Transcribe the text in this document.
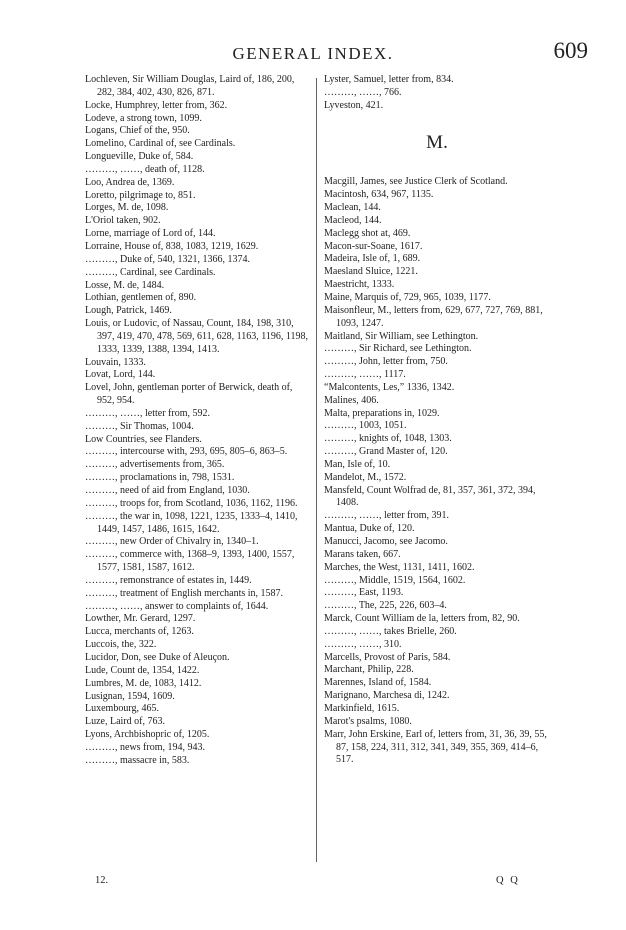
GENERAL INDEX.	609
Lochleven, Sir William Douglas, Laird of, 186, 200, 282, 384, 402, 430, 826, 871.
Locke, Humphrey, letter from, 362.
Lodeve, a strong town, 1099.
Logans, Chief of the, 950.
Lomelino, Cardinal of, see Cardinals.
Longueville, Duke of, 584.
………, ……, death of, 1128.
Loo, Andrea de, 1369.
Loretto, pilgrimage to, 851.
Lorges, M. de, 1098.
L'Oriol taken, 902.
Lorne, marriage of Lord of, 144.
Lorraine, House of, 838, 1083, 1219, 1629.
………, Duke of, 540, 1321, 1366, 1374.
………, Cardinal, see Cardinals.
Losse, M. de, 1484.
Lothian, gentlemen of, 890.
Lough, Patrick, 1469.
Louis, or Ludovic, of Nassau, Count, 184, 198, 310, 397, 419, 470, 478, 569, 611, 628, 1163, 1196, 1198, 1333, 1339, 1388, 1394, 1413.
Louvain, 1333.
Lovat, Lord, 144.
Lovel, John, gentleman porter of Berwick, death of, 952, 954.
………, ……, letter from, 592.
………, Sir Thomas, 1004.
Low Countries, see Flanders.
………, intercourse with, 293, 695, 805–6, 863–5.
………, advertisements from, 365.
………, proclamations in, 798, 1531.
………, need of aid from England, 1030.
………, troops for, from Scotland, 1036, 1162, 1196.
………, the war in, 1098, 1221, 1235, 1333–4, 1410, 1449, 1457, 1486, 1615, 1642.
………, new Order of Chivalry in, 1340–1.
………, commerce with, 1368–9, 1393, 1400, 1557, 1577, 1581, 1587, 1612.
………, remonstrance of estates in, 1449.
………, treatment of English merchants in, 1587.
………, ……, answer to complaints of, 1644.
Lowther, Mr. Gerard, 1297.
Lucca, merchants of, 1263.
Luccois, the, 322.
Lucidor, Don, see Duke of Aleuçon.
Lude, Count de, 1354, 1422.
Lumbres, M. de, 1083, 1412.
Lusignan, 1594, 1609.
Luxembourg, 465.
Luze, Laird of, 763.
Lyons, Archbishopric of, 1205.
………, news from, 194, 943.
………, massacre in, 583.
Lyster, Samuel, letter from, 834.
………, ……, 766.
Lyveston, 421.
M.
Macgill, James, see Justice Clerk of Scotland.
Macintosh, 634, 967, 1135.
Maclean, 144.
Macleod, 144.
Maclegg shot at, 469.
Macon-sur-Soane, 1617.
Madeira, Isle of, 1, 689.
Maesland Sluice, 1221.
Maestricht, 1333.
Maine, Marquis of, 729, 965, 1039, 1177.
Maisonfleur, M., letters from, 629, 677, 727, 769, 881, 1093, 1247.
Maitland, Sir William, see Lethington.
………, Sir Richard, see Lethington.
………, John, letter from, 750.
………, ……, 1117.
“Malcontents, Les,” 1336, 1342.
Malines, 406.
Malta, preparations in, 1029.
………, 1003, 1051.
………, knights of, 1048, 1303.
………, Grand Master of, 120.
Man, Isle of, 10.
Mandelot, M., 1572.
Mansfeld, Count Wolfrad de, 81, 357, 361, 372, 394, 1408.
………, ……, letter from, 391.
Mantua, Duke of, 120.
Manucci, Jacomo, see Jacomo.
Marans taken, 667.
Marches, the West, 1131, 1411, 1602.
………, Middle, 1519, 1564, 1602.
………, East, 1193.
………, The, 225, 226, 603–4.
Marck, Count William de la, letters from, 82, 90.
………, ……, takes Brielle, 260.
………, ……, 310.
Marcells, Provost of Paris, 584.
Marchant, Philip, 228.
Marennes, Island of, 1584.
Marignano, Marchesa di, 1242.
Markinfield, 1615.
Marot's psalms, 1080.
Marr, John Erskine, Earl of, letters from, 31, 36, 39, 55, 87, 158, 224, 311, 312, 341, 349, 355, 369, 414–6, 517.
12.	Q Q
